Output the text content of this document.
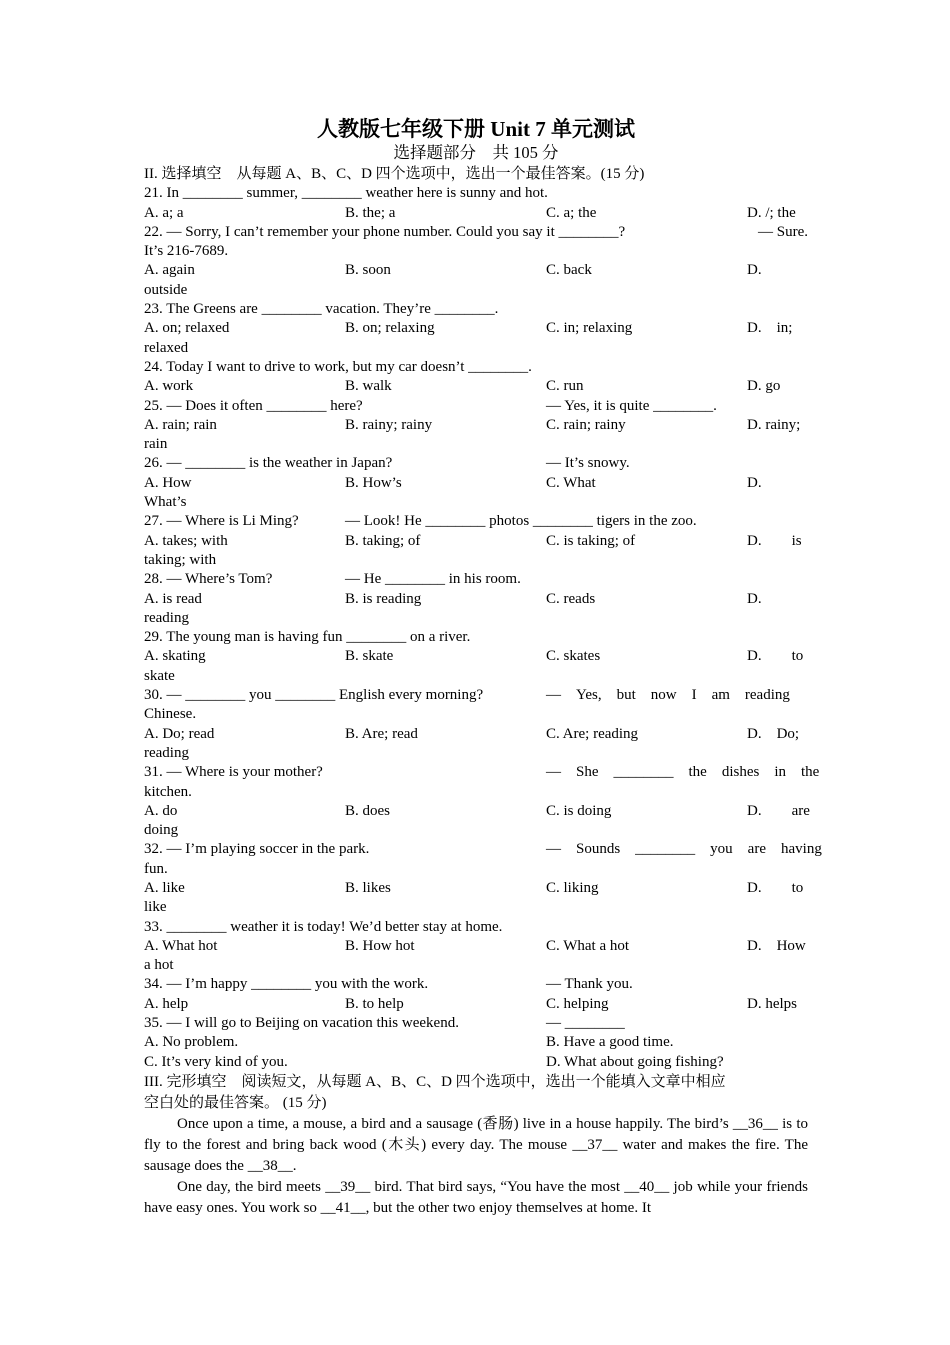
人教版七年级下册 Unit 7 单元测试
选择题部分　共 105 分
II. 选择填空　从每题 A、B、C、D 四个选项中，选出一个最佳答案。(15 分)
21. In ________ summer, ________ weather here is sunny and hot.
A. a; a	B. the; a	C. a; the	D. /; the
22. — Sorry, I can’t remember your phone number. Could you say it ________?	— Sure.
It’s 216-7689.
A. again	B. soon	C. back	D.
outside
23. The Greens are ________ vacation. They’re ________.
A. on; relaxed	B. on; relaxing	C. in; relaxing	D.　in;
relaxed
24. Today I want to drive to work, but my car doesn’t ________.
A. work	B. walk	C. run	D. go
25. — Does it often ________ here?	— Yes, it is quite ________.
A. rain; rain	B. rainy; rainy	C. rain; rainy	D. rainy;
rain
26. — ________ is the weather in Japan?	— It’s snowy.
A. How	B. How’s	C. What	D.
What’s
27. — Where is Li Ming?	— Look! He ________ photos ________ tigers in the zoo.
A. takes; with	B. taking; of	C. is taking; of	D.　　is
taking; with
28. — Where’s Tom?	— He ________ in his room.
A. is read	B. is reading	C. reads	D.
reading
29. The young man is having fun ________ on a river.
A. skating	B. skate	C. skates	D.　　to
skate
30. — ________ you ________ English every morning?	—　Yes,　but　now　I　am　reading
Chinese.
A. Do; read	B. Are; read	C. Are; reading	D.　Do;
reading
31. — Where is your mother?	—　She　________　the　dishes　in　the
kitchen.
A. do	B. does	C. is doing	D.　　are
doing
32. — I’m playing soccer in the park.	—　Sounds　________　you　are　having
fun.
A. like	B. likes	C. liking	D.　　to
like
33. ________ weather it is today! We’d better stay at home.
A. What hot	B. How hot	C. What a hot	D.　How
a hot
34. — I’m happy ________ you with the work.	— Thank you.
A. help	B. to help	C. helping	D. helps
35. — I will go to Beijing on vacation this weekend.	— ________
A. No problem.	B. Have a good time.
C. It’s very kind of you.	D. What about going fishing?
III. 完形填空　阅读短文，从每题 A、B、C、D 四个选项中，选出一个能填入文章中相应
空白处的最佳答案。 (15 分)

Once upon a time, a mouse, a bird and a sausage (香肠) live in a house happily. The bird’s __36__ is to fly to the forest and bring back wood (木头) every day. The mouse __37__ water and makes the fire. The sausage does the __38__.

One day, the bird meets __39__ bird. That bird says, “You have the most __40__ job while your friends have easy ones. You work so __41__, but the other two enjoy themselves at home. It
